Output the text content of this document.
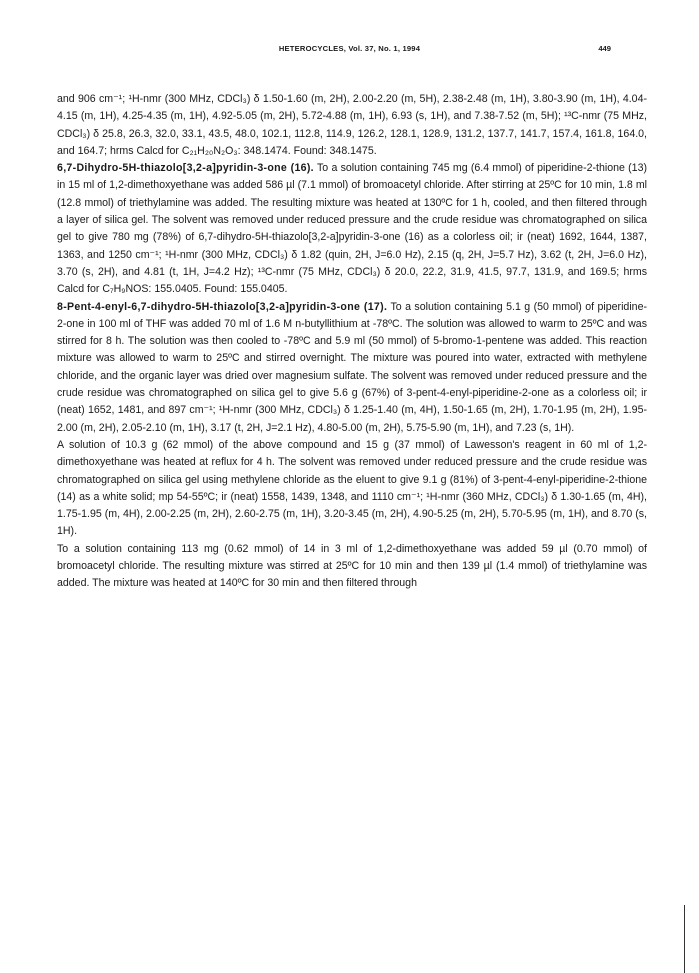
HETEROCYCLES, Vol. 37, No. 1, 1994	449

and 906 cm⁻¹; ¹H-nmr (300 MHz, CDCl₃) δ 1.50-1.60 (m, 2H), 2.00-2.20 (m, 5H), 2.38-2.48 (m, 1H), 3.80-3.90 (m, 1H), 4.04-4.15 (m, 1H), 4.25-4.35 (m, 1H), 4.92-5.05 (m, 2H), 5.72-4.88 (m, 1H), 6.93 (s, 1H), and 7.38-7.52 (m, 5H); ¹³C-nmr (75 MHz, CDCl₃) δ 25.8, 26.3, 32.0, 33.1, 43.5, 48.0, 102.1, 112.8, 114.9, 126.2, 128.1, 128.9, 131.2, 137.7, 141.7, 157.4, 161.8, 164.0, and 164.7; hrms Calcd for C₂₁H₂₀N₂O₃: 348.1474. Found: 348.1475.

6,7-Dihydro-5H-thiazolo[3,2-a]pyridin-3-one (16). To a solution containing 745 mg (6.4 mmol) of piperidine-2-thione (13) in 15 ml of 1,2-dimethoxyethane was added 586 µl (7.1 mmol) of bromoacetyl chloride. After stirring at 25ºC for 10 min, 1.8 ml (12.8 mmol) of triethylamine was added. The resulting mixture was heated at 130ºC for 1 h, cooled, and then filtered through a layer of silica gel. The solvent was removed under reduced pressure and the crude residue was chromatographed on silica gel to give 780 mg (78%) of 6,7-dihydro-5H-thiazolo[3,2-a]pyridin-3-one (16) as a colorless oil; ir (neat) 1692, 1644, 1387, 1363, and 1250 cm⁻¹; ¹H-nmr (300 MHz, CDCl₃) δ 1.82 (quin, 2H, J=6.0 Hz), 2.15 (q, 2H, J=5.7 Hz), 3.62 (t, 2H, J=6.0 Hz), 3.70 (s, 2H), and 4.81 (t, 1H, J=4.2 Hz); ¹³C-nmr (75 MHz, CDCl₃) δ 20.0, 22.2, 31.9, 41.5, 97.7, 131.9, and 169.5; hrms Calcd for C₇H₉NOS: 155.0405. Found: 155.0405.

8-Pent-4-enyl-6,7-dihydro-5H-thiazolo[3,2-a]pyridin-3-one (17). To a solution containing 5.1 g (50 mmol) of piperidine-2-one in 100 ml of THF was added 70 ml of 1.6 M n-butyllithium at -78ºC. The solution was allowed to warm to 25ºC and was stirred for 8 h. The solution was then cooled to -78ºC and 5.9 ml (50 mmol) of 5-bromo-1-pentene was added. This reaction mixture was allowed to warm to 25ºC and stirred overnight. The mixture was poured into water, extracted with methylene chloride, and the organic layer was dried over magnesium sulfate. The solvent was removed under reduced pressure and the crude residue was chromatographed on silica gel to give 5.6 g (67%) of 3-pent-4-enyl-piperidine-2-one as a colorless oil; ir (neat) 1652, 1481, and 897 cm⁻¹; ¹H-nmr (300 MHz, CDCl₃) δ 1.25-1.40 (m, 4H), 1.50-1.65 (m, 2H), 1.70-1.95 (m, 2H), 1.95-2.00 (m, 2H), 2.05-2.10 (m, 1H), 3.17 (t, 2H, J=2.1 Hz), 4.80-5.00 (m, 2H), 5.75-5.90 (m, 1H), and 7.23 (s, 1H).

A solution of 10.3 g (62 mmol) of the above compound and 15 g (37 mmol) of Lawesson's reagent in 60 ml of 1,2-dimethoxyethane was heated at reflux for 4 h. The solvent was removed under reduced pressure and the crude residue was chromatographed on silica gel using methylene chloride as the eluent to give 9.1 g (81%) of 3-pent-4-enyl-piperidine-2-thione (14) as a white solid; mp 54-55ºC; ir (neat) 1558, 1439, 1348, and 1110 cm⁻¹; ¹H-nmr (360 MHz, CDCl₃) δ 1.30-1.65 (m, 4H), 1.75-1.95 (m, 4H), 2.00-2.25 (m, 2H), 2.60-2.75 (m, 1H), 3.20-3.45 (m, 2H), 4.90-5.25 (m, 2H), 5.70-5.95 (m, 1H), and 8.70 (s, 1H).

To a solution containing 113 mg (0.62 mmol) of 14 in 3 ml of 1,2-dimethoxyethane was added 59 µl (0.70 mmol) of bromoacetyl chloride. The resulting mixture was stirred at 25ºC for 10 min and then 139 µl (1.4 mmol) of triethylamine was added. The mixture was heated at 140ºC for 30 min and then filtered through
